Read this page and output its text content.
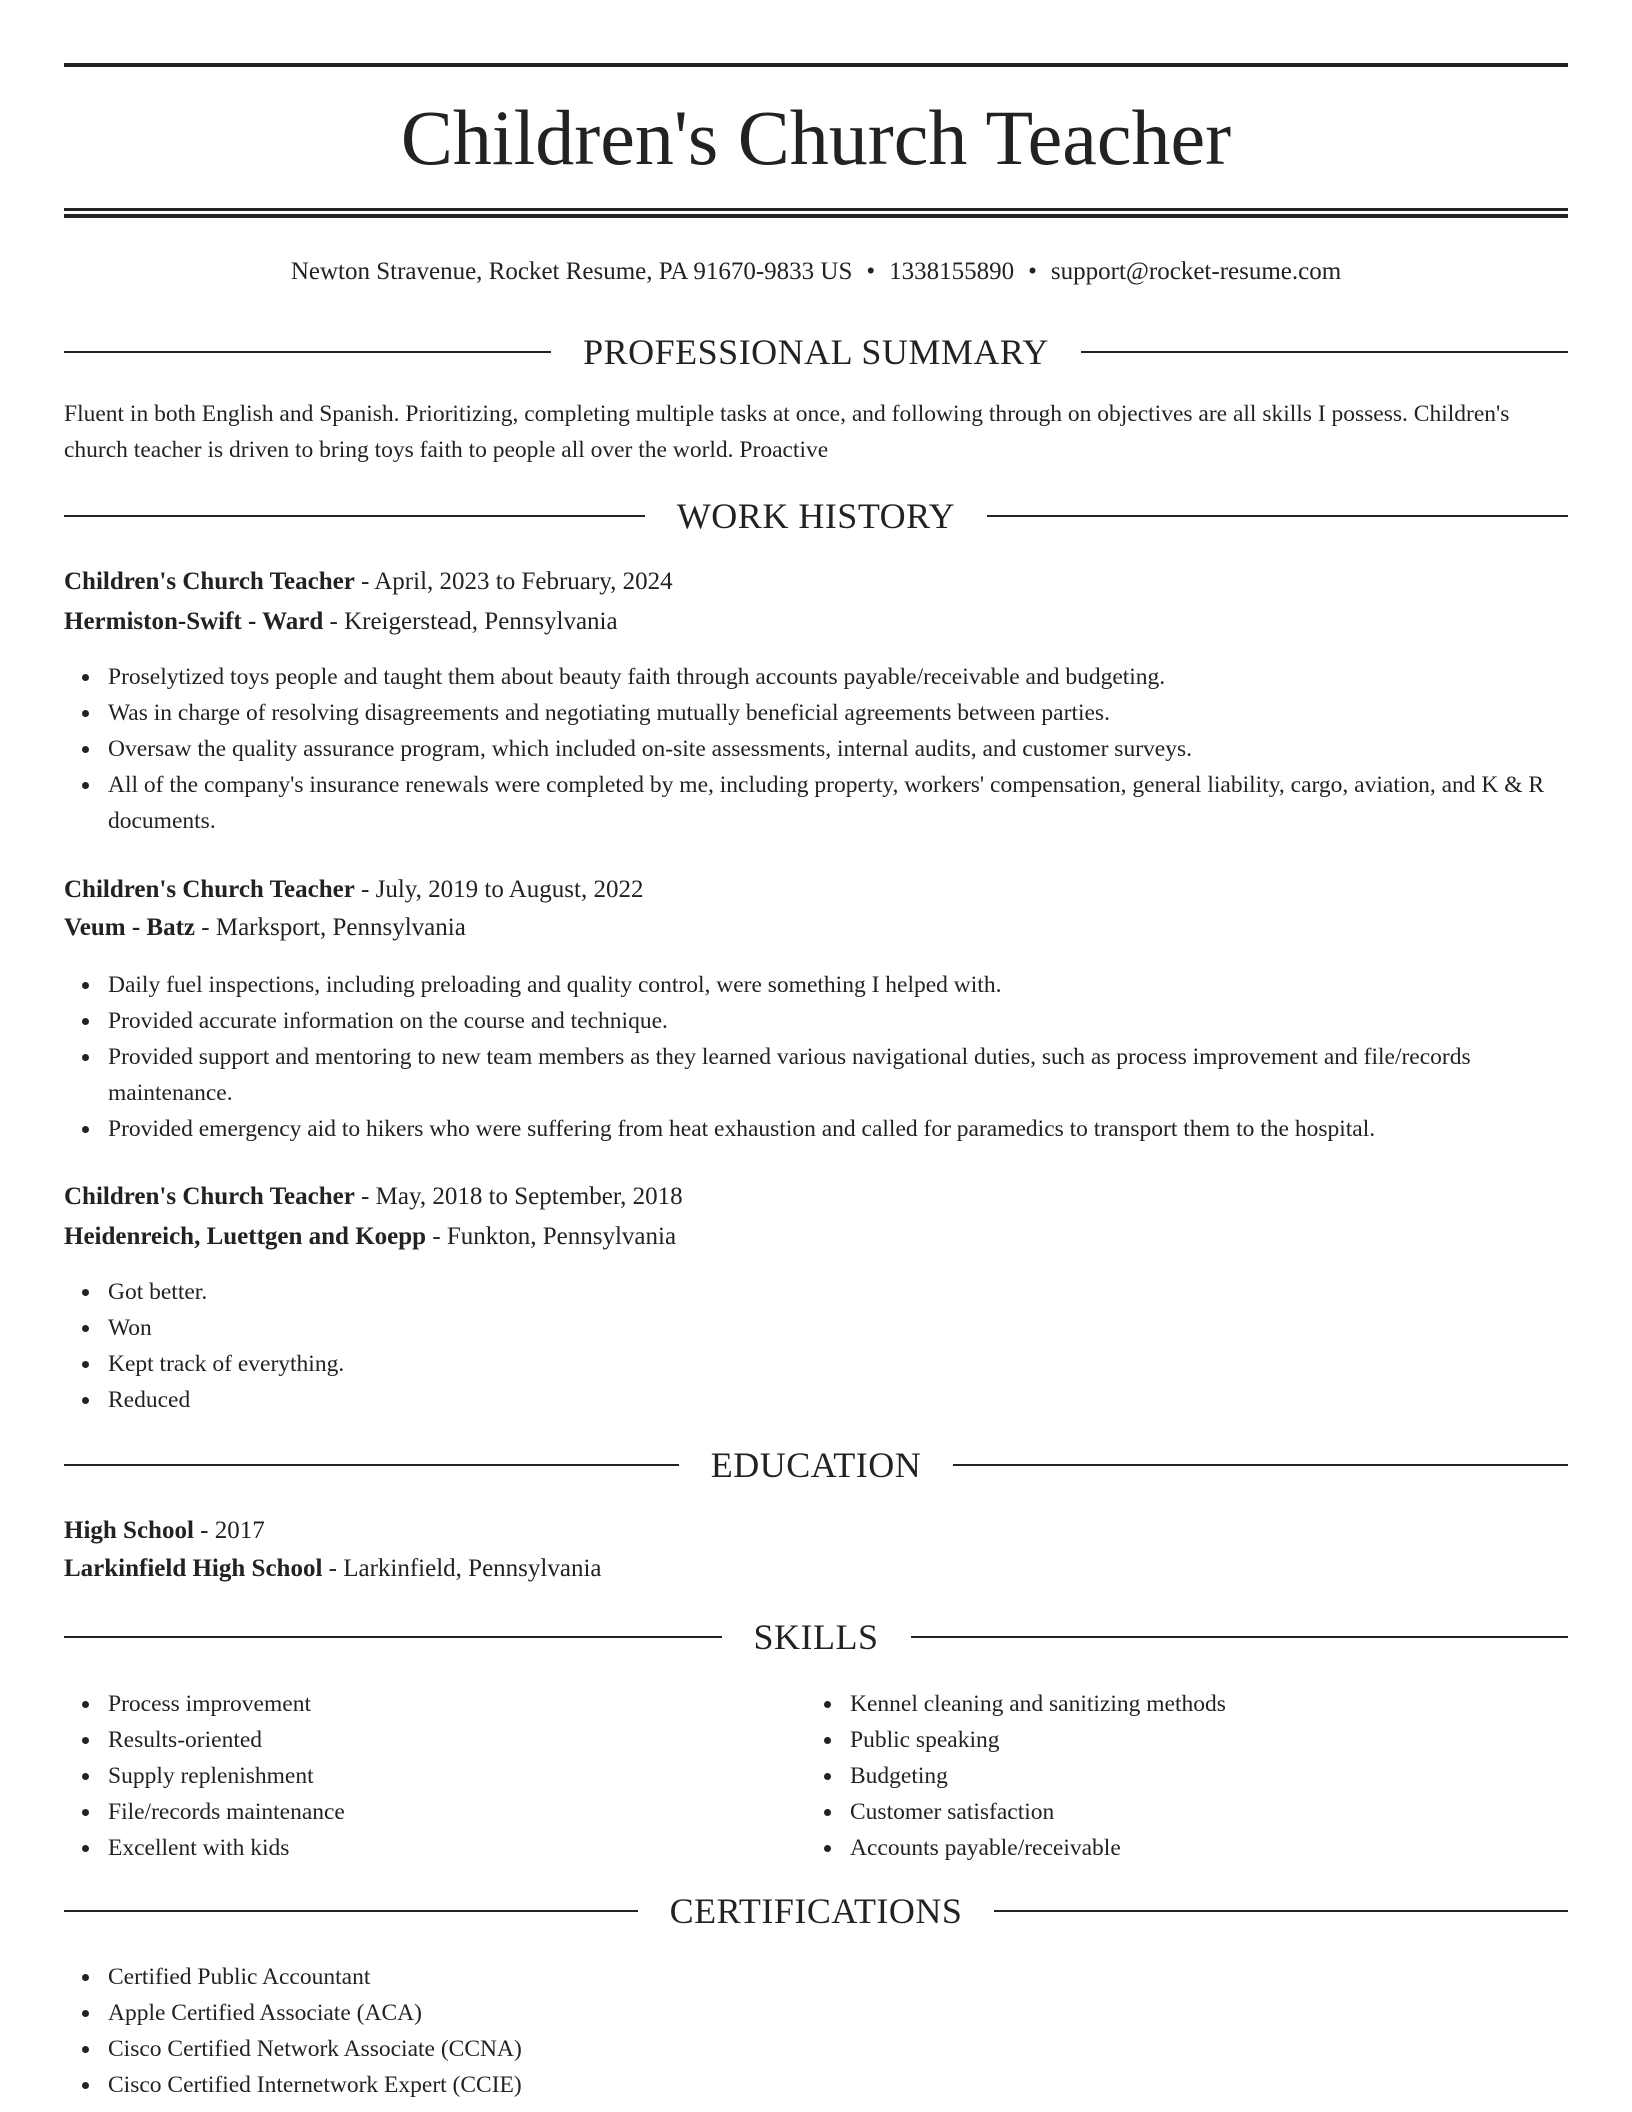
Children's Church Teacher
Newton Stravenue, Rocket Resume, PA 91670-9833 US • 1338155890 • support@rocket-resume.com
PROFESSIONAL SUMMARY

Fluent in both English and Spanish. Prioritizing, completing multiple tasks at once, and following through on objectives are all skills I possess. Children's church teacher is driven to bring toys faith to people all over the world. Proactive

WORK HISTORY
Children's Church Teacher - April, 2023 to February, 2024
Hermiston-Swift - Ward - Kreigerstead, Pennsylvania
Proselytized toys people and taught them about beauty faith through accounts payable/receivable and budgeting.
Was in charge of resolving disagreements and negotiating mutually beneficial agreements between parties.
Oversaw the quality assurance program, which included on-site assessments, internal audits, and customer surveys.
All of the company's insurance renewals were completed by me, including property, workers' compensation, general liability, cargo, aviation, and K & R documents.
Children's Church Teacher - July, 2019 to August, 2022
Veum - Batz - Marksport, Pennsylvania
Daily fuel inspections, including preloading and quality control, were something I helped with.
Provided accurate information on the course and technique.
Provided support and mentoring to new team members as they learned various navigational duties, such as process improvement and file/records maintenance.
Provided emergency aid to hikers who were suffering from heat exhaustion and called for paramedics to transport them to the hospital.
Children's Church Teacher - May, 2018 to September, 2018
Heidenreich, Luettgen and Koepp - Funkton, Pennsylvania
Got better.
Won
Kept track of everything.
Reduced
EDUCATION
High School - 2017
Larkinfield High School - Larkinfield, Pennsylvania
SKILLS
Process improvement
Results-oriented
Supply replenishment
File/records maintenance
Excellent with kids
Kennel cleaning and sanitizing methods
Public speaking
Budgeting
Customer satisfaction
Accounts payable/receivable
CERTIFICATIONS
Certified Public Accountant
Apple Certified Associate (ACA)
Cisco Certified Network Associate (CCNA)
Cisco Certified Internetwork Expert (CCIE)
